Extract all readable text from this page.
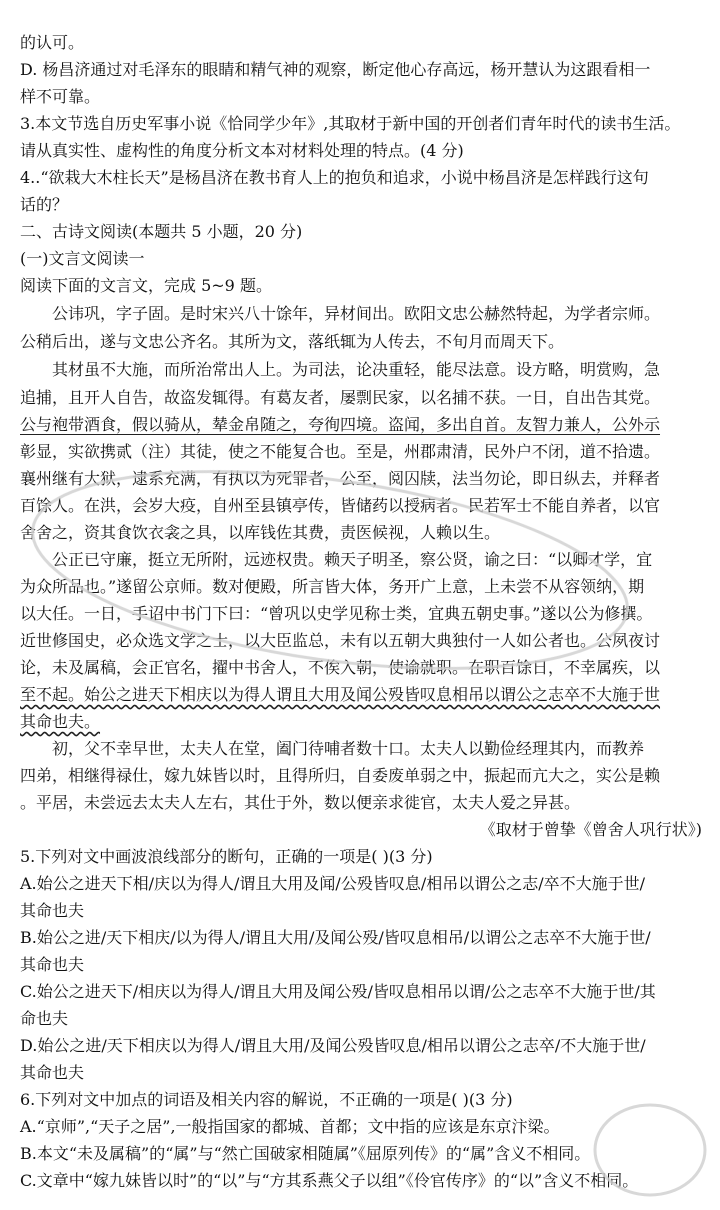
的认可。
D. 杨昌济通过对毛泽东的眼睛和精气神的观察，断定他心存高远，杨开慧认为这跟看相一
样不可靠。
3.本文节选自历史军事小说《恰同学少年》,其取材于新中国的开创者们青年时代的读书生活。
请从真实性、虚构性的角度分析文本对材料处理的特点。(4 分)
4..“欲栽大木柱长天”是杨昌济在教书育人上的抱负和追求，小说中杨昌济是怎样践行这句
话的？
二、古诗文阅读(本题共 5 小题，20 分)
(一)文言文阅读一
阅读下面的文言文，完成 5~9 题。
公讳巩，字子固。是时宋兴八十馀年，异材间出。欧阳文忠公赫然特起，为学者宗师。
公稍后出，遂与文忠公齐名。其所为文，落纸辄为人传去，不旬月而周天下。
其材虽不大施，而所治常出人上。为司法，论决重轻，能尽法意。设方略，明赏购，急
追捕，且开人自告，故盗发辄得。有葛友者，屡剽民家，以名捕不获。一日，自出告其党。
公与袍带酒食，假以骑从，辇金帛随之，夸徇四境。盗闻，多出自首。友智力兼人，公外示
彰显，实欲携贰（注）其徒，使之不能复合也。至是，州郡肃清，民外户不闭，道不拾遗。
襄州继有大狱，逮系充满，有执以为死罪者，公至，阅囚牍，法当勿论，即日纵去，并释者
百馀人。在洪，会岁大疫，自州至县镇亭传，皆储药以授病者。民若军士不能自养者，以官
舍舍之，资其食饮衣衾之具，以库钱佐其费，责医候视，人赖以生。
公正已守廉，挺立无所附，远迹权贵。赖天子明圣，察公贤，谕之曰：“以卿才学，宜
为众所品也。”遂留公京师。数对便殿，所言皆大体，务开广上意，上未尝不从容领纳，期
以大任。一日，手诏中书门下曰：“曾巩以史学见称士类，宜典五朝史事。”遂以公为修撰。
近世修国史，必众选文学之士，以大臣监总，未有以五朝大典独付一人如公者也。公夙夜讨
论，未及属稿，会正官名，擢中书舍人，不俟入朝，使谕就职。在职百馀日，不幸属疾，以
至不起。始公之进天下相庆以为得人谓且大用及闻公殁皆叹息相吊以谓公之志卒不大施于世
其命也夫。
初，父不幸早世，太夫人在堂，阖门待哺者数十口。太夫人以勤俭经理其内，而教养
四弟，相继得禄仕，嫁九妹皆以时，且得所归，自委废单弱之中，振起而亢大之，实公是赖
。平居，未尝远去太夫人左右，其仕于外，数以便亲求徙官，太夫人爱之异甚。
《取材于曾挚《曾舍人巩行状》)
5.下列对文中画波浪线部分的断句，正确的一项是( )(3 分)
A.始公之进天下相/庆以为得人/谓且大用及闻/公殁皆叹息/相吊以谓公之志/卒不大施于世/
其命也夫
B.始公之进/天下相庆/以为得人/谓且大用/及闻公殁/皆叹息相吊/以谓公之志卒不大施于世/
其命也夫
C.始公之进天下/相庆以为得人/谓且大用及闻公殁/皆叹息相吊以谓/公之志卒不大施于世/其
命也夫
D.始公之进/天下相庆以为得人/谓且大用/及闻公殁皆叹息/相吊以谓公之志卒/不大施于世/
其命也夫
6.下列对文中加点的词语及相关内容的解说，不正确的一项是( )(3 分)
A.“京师”,“天子之居”,一般指国家的都城、首都；文中指的应该是东京汴梁。
B.本文“未及属稿”的“属”与“然亡国破家相随属”《屈原列传》的“属”含义不相同。
C.文章中“嫁九妹皆以时”的“以”与“方其系燕父子以组”《伶官传序》的“以”含义不相同。
